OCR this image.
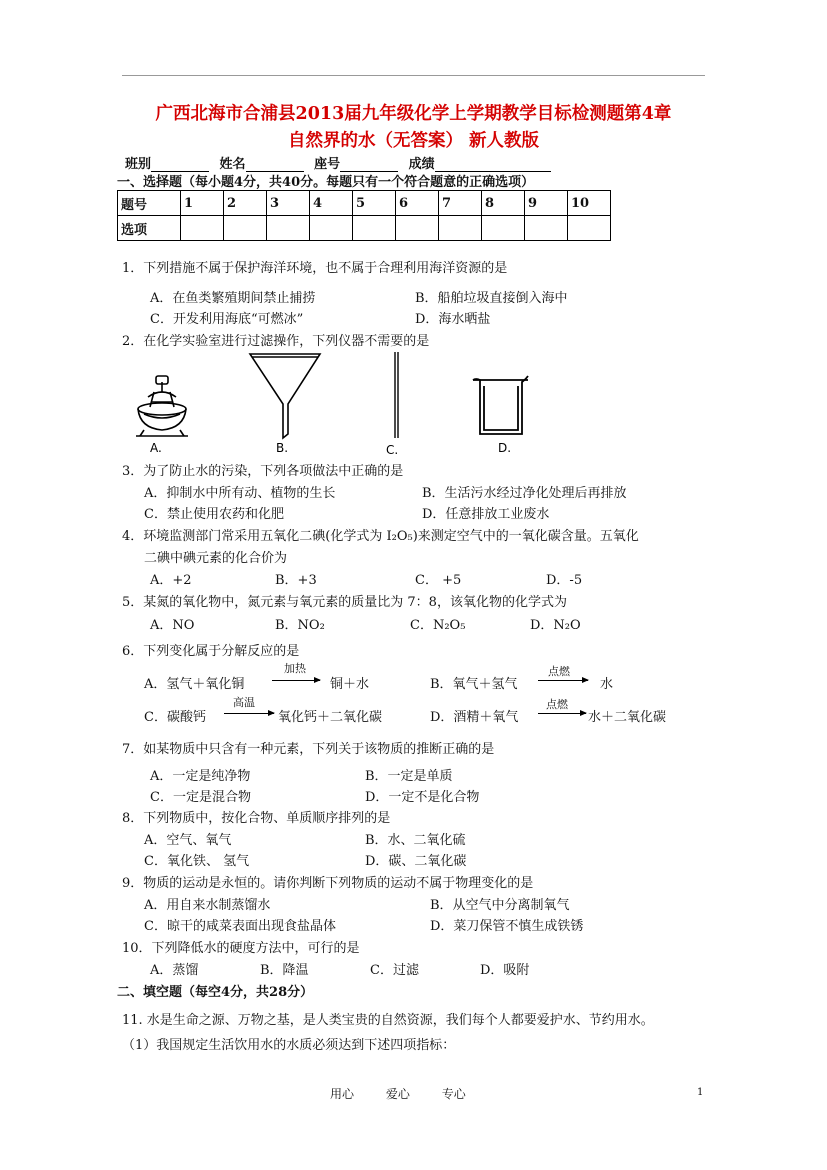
广西北海市合浦县2013届九年级化学上学期教学目标检测题第4章
自然界的水（无答案） 新人教版
班别	姓名	座号	成绩
一、选择题（每小题4分，共40分。每题只有一个符合题意的正确选项）
题号	1	2	3	4	5	6	7	8	9	10
选项										
1．下列措施不属于保护海洋环境，也不属于合理利用海洋资源的是
A．在鱼类繁殖期间禁止捕捞	B．船舶垃圾直接倒入海中
C．开发利用海底“可燃冰”	D．海水晒盐
2．在化学实验室进行过滤操作，下列仪器不需要的是
A.	B.	C.	D.
3．为了防止水的污染，下列各项做法中正确的是
A．抑制水中所有动、植物的生长	B．生活污水经过净化处理后再排放
C．禁止使用农药和化肥	D．任意排放工业废水
4．环境监测部门常采用五氧化二碘(化学式为 I₂O₅)来测定空气中的一氧化碳含量。五氧化
二碘中碘元素的化合价为
A．+2	B．+3	C． +5	D．-5
5．某氮的氧化物中，氮元素与氧元素的质量比为 7：8，该氧化物的化学式为
A．NO	B．NO₂	C．N₂O₅	D．N₂O
6．下列变化属于分解反应的是
A．氢气＋氧化铜
加热
铜＋水	B．氧气＋氢气
点燃
水
C．碳酸钙
高温
氧化钙＋二氧化碳	D．酒精＋氧气
点燃
水＋二氧化碳
7．如某物质中只含有一种元素，下列关于该物质的推断正确的是
A．一定是纯净物	B．一定是单质
C．一定是混合物	D．一定不是化合物
8．下列物质中，按化合物、单质顺序排列的是
A．空气、氧气	B．水、二氧化硫
C．氧化铁、 氢气	D．碳、二氧化碳
9．物质的运动是永恒的。请你判断下列物质的运动不属于物理变化的是
A．用自来水制蒸馏水	B．从空气中分离制氧气
C．晾干的咸菜表面出现食盐晶体	D．菜刀保管不慎生成铁锈
10．下列降低水的硬度方法中，可行的是
A．蒸馏	B．降温	C．过滤	D．吸附
二、填空题（每空4分，共28分）
11. 水是生命之源、万物之基，是人类宝贵的自然资源，我们每个人都要爱护水、节约用水。
（1）我国规定生活饮用水的水质必须达到下述四项指标：
用心	爱心	专心	1
